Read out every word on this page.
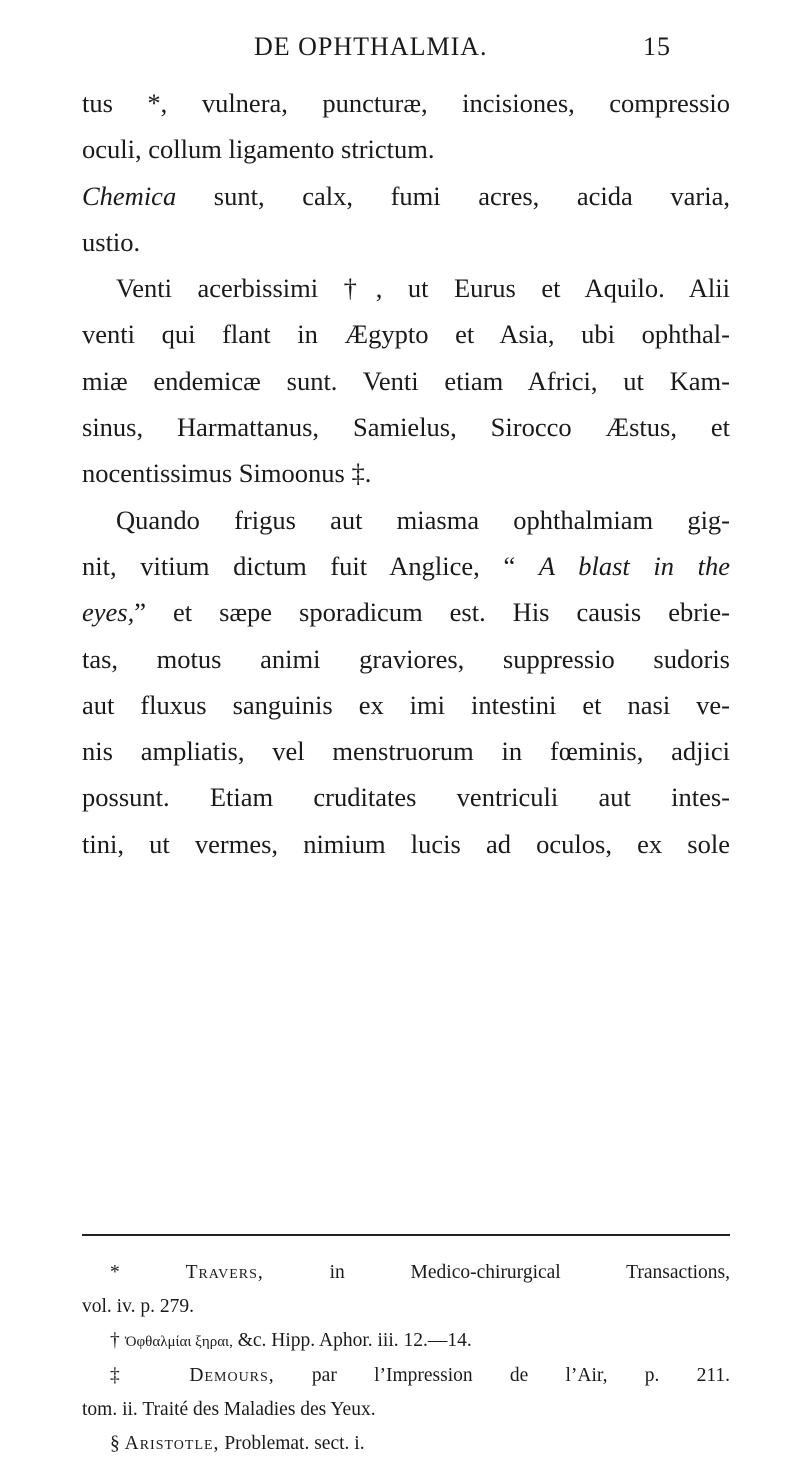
DE OPHTHALMIA.	15
tus *, vulnera, puncturæ, incisiones, compressio
oculi, collum ligamento strictum.
Chemica sunt, calx, fumi acres, acida varia,
ustio.
Venti acerbissimi †, ut Eurus et Aquilo. Alii
venti qui flant in Ægypto et Asia, ubi ophthal-
miæ endemicæ sunt. Venti etiam Africi, ut Kam-
sinus, Harmattanus, Samielus, Sirocco Æstus, et
nocentissimus Simoonus ‡.
Quando frigus aut miasma ophthalmiam gig-
nit, vitium dictum fuit Anglice, “ A blast in the
eyes,” et sæpe sporadicum est. His causis ebrie-
tas, motus animi graviores, suppressio sudoris
aut fluxus sanguinis ex imi intestini et nasi ve-
nis ampliatis, vel menstruorum in fœminis, adjici
possunt. Etiam cruditates ventriculi aut intes-
tini, ut vermes, nimium lucis ad oculos, ex sole
*	Travers, in Medico-chirurgical Transactions,
vol. iv. p. 279.
† Ὀφθαλμίαι ξηραι, &c. Hipp. Aphor. iii. 12.—14.
‡ Demours, par l’Impression de l’Air, p. 211.
tom. ii. Traité des Maladies des Yeux.
§ Aristotle, Problemat. sect. i.
